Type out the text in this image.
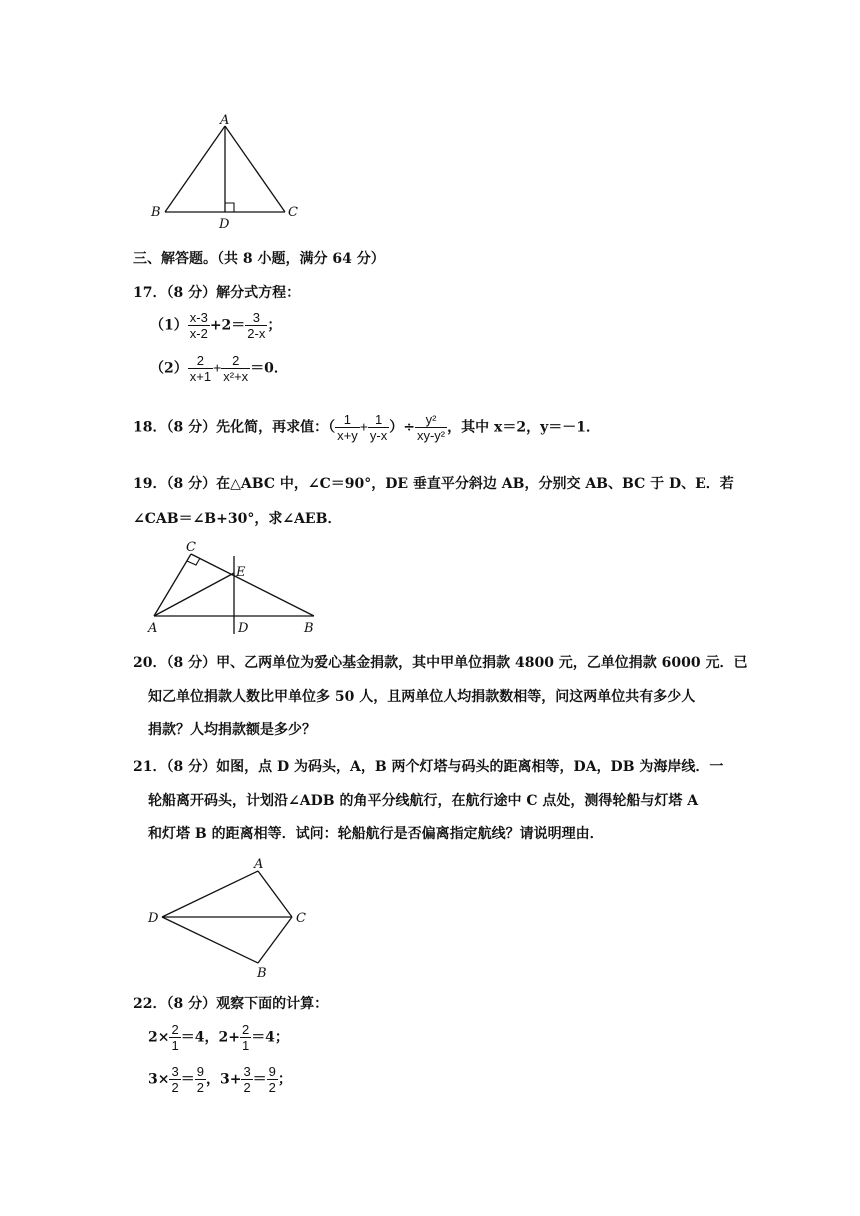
A
B	C
D
三、解答题。（共 8 小题，满分 64 分）
17．（8 分）解分式方程：
$(1) \frac{x-3}{x-2} +2= \frac{3}{2-x}$ ；
$(2) \frac{2}{x+1} + \frac{2}{\text{x²+x}} =0$．
18．（8 分）先化简，再求值：（ $\frac{1}{x+y} + \frac{1}{y-x}$ ）÷ $\frac{\text{y²}}{\text{xy-y²}}$ ，其中 x＝2，y＝－1．
19．（8 分）在△ABC 中，∠C＝90°，DE 垂直平分斜边 AB，分别交 AB、BC 于 D、E．若
∠CAB＝∠B+30°，求∠AEB．
C
E
A	D	B
20．（8 分）甲、乙两单位为爱心基金捐款，其中甲单位捐款 4800 元，乙单位捐款 6000 元．已
知乙单位捐款人数比甲单位多 50 人，且两单位人均捐款数相等，问这两单位共有多少人
捐款？人均捐款额是多少？
21．（8 分）如图，点 D 为码头，A，B 两个灯塔与码头的距离相等，DA，DB 为海岸线．一
轮船离开码头，计划沿∠ADB 的角平分线航行，在航行途中 C 点处，测得轮船与灯塔 A
和灯塔 B 的距离相等．试问：轮船航行是否偏离指定航线？请说明理由．
A
D	C
B
22．（8 分）观察下面的计算：
$2\times \frac{2}{1} =4$，$2+ \frac{2}{1} =4$；
$3\times \frac{3}{2} = \frac{9}{2}$ ，$3+ \frac{3}{2} = \frac{9}{2}$ ；
